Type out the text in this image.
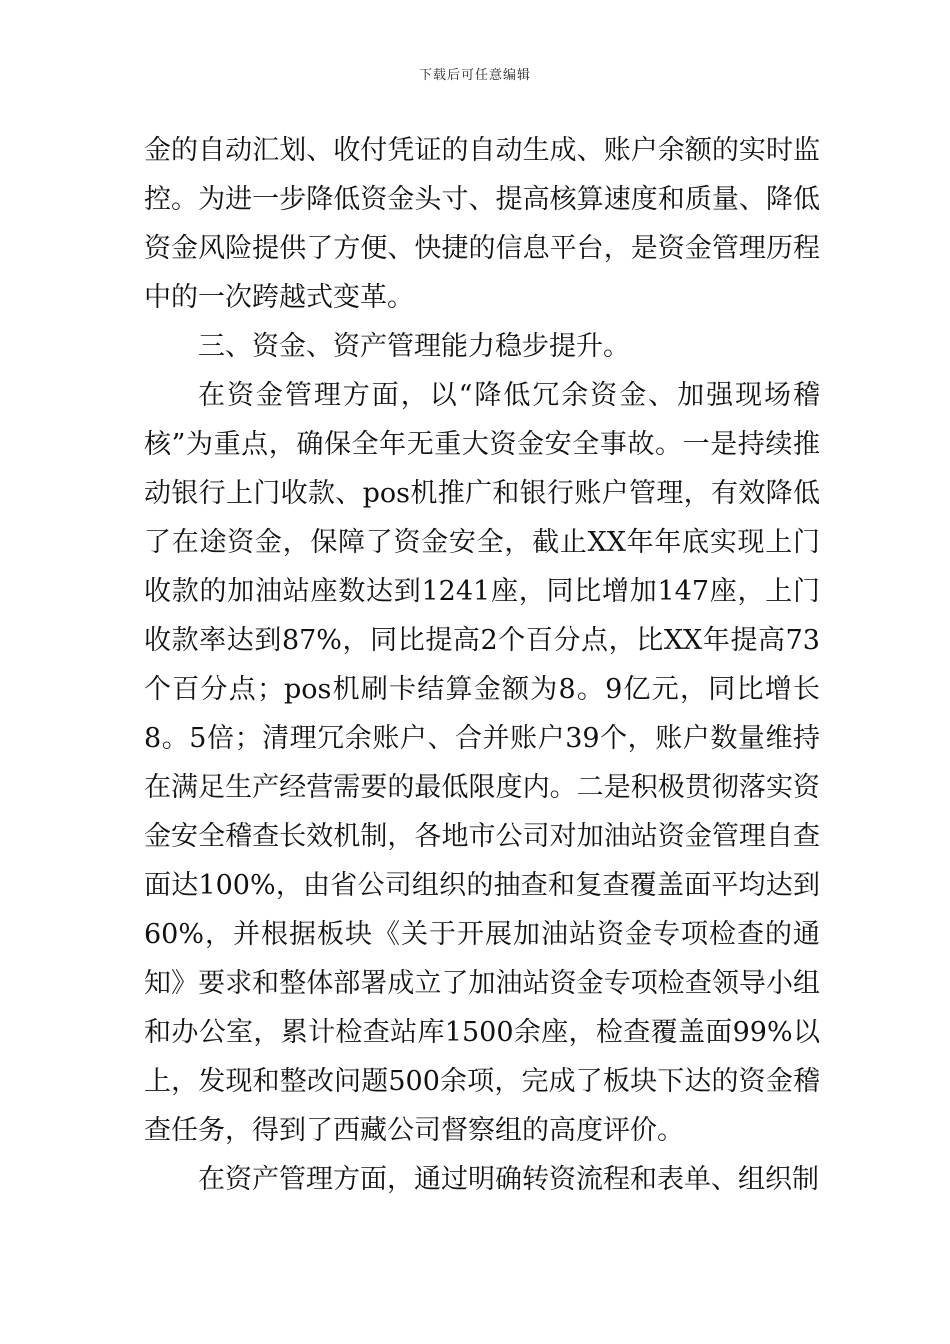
下载后可任意编辑

金的自动汇划、收付凭证的自动生成、账户余额的实时监控。为进一步降低资金头寸、提高核算速度和质量、降低资金风险提供了方便、快捷的信息平台，是资金管理历程中的一次跨越式变革。

三、资金、资产管理能力稳步提升。

在资金管理方面，以“降低冗余资金、加强现场稽核”为重点，确保全年无重大资金安全事故。一是持续推动银行上门收款、pos机推广和银行账户管理，有效降低了在途资金，保障了资金安全，截止XX年年底实现上门收款的加油站座数达到1241座，同比增加147座，上门收款率达到87%，同比提高2个百分点，比XX年提高73个百分点；pos机刷卡结算金额为8。9亿元，同比增长8。5倍；清理冗余账户、合并账户39个，账户数量维持在满足生产经营需要的最低限度内。二是积极贯彻落实资金安全稽查长效机制，各地市公司对加油站资金管理自查面达100%，由省公司组织的抽查和复查覆盖面平均达到60%，并根据板块《关于开展加油站资金专项检查的通知》要求和整体部署成立了加油站资金专项检查领导小组和办公室，累计检查站库1500余座，检查覆盖面99%以上，发现和整改问题500余项，完成了板块下达的资金稽查任务，得到了西藏公司督察组的高度评价。

在资产管理方面，通过明确转资流程和表单、组织制
